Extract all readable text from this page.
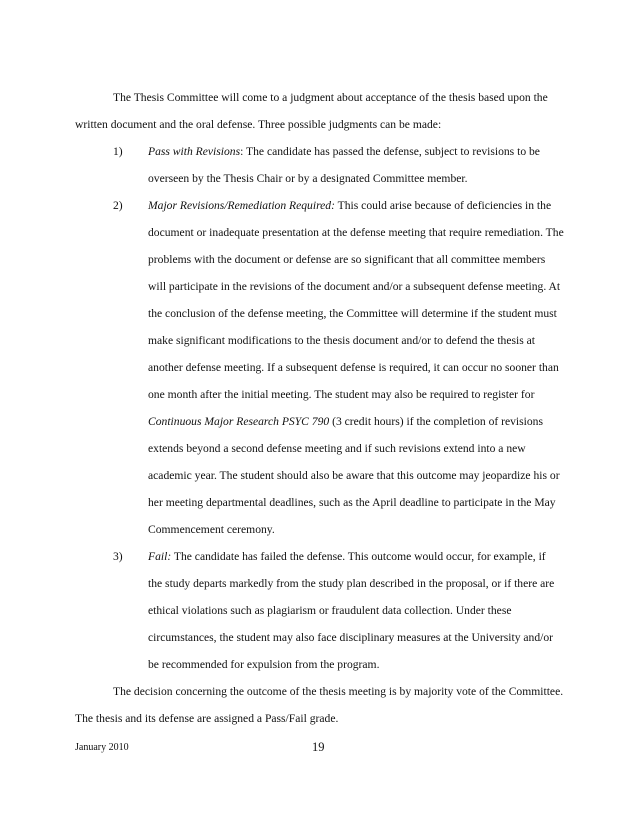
The Thesis Committee will come to a judgment about acceptance of the thesis based upon the

written document and the oral defense. Three possible judgments can be made:

1) Pass with Revisions: The candidate has passed the defense, subject to revisions to be

overseen by the Thesis Chair or by a designated Committee member.

2) Major Revisions/Remediation Required: This could arise because of deficiencies in the

document or inadequate presentation at the defense meeting that require remediation. The

problems with the document or defense are so significant that all committee members

will participate in the revisions of the document and/or a subsequent defense meeting. At

the conclusion of the defense meeting, the Committee will determine if the student must

make significant modifications to the thesis document and/or to defend the thesis at

another defense meeting. If a subsequent defense is required, it can occur no sooner than

one month after the initial meeting. The student may also be required to register for

Continuous Major Research PSYC 790 (3 credit hours) if the completion of revisions

extends beyond a second defense meeting and if such revisions extend into a new

academic year. The student should also be aware that this outcome may jeopardize his or

her meeting departmental deadlines, such as the April deadline to participate in the May

Commencement ceremony.

3) Fail: The candidate has failed the defense. This outcome would occur, for example, if

the study departs markedly from the study plan described in the proposal, or if there are

ethical violations such as plagiarism or fraudulent data collection. Under these

circumstances, the student may also face disciplinary measures at the University and/or

be recommended for expulsion from the program.

The decision concerning the outcome of the thesis meeting is by majority vote of the Committee.

The thesis and its defense are assigned a Pass/Fail grade.

January 2010	19
